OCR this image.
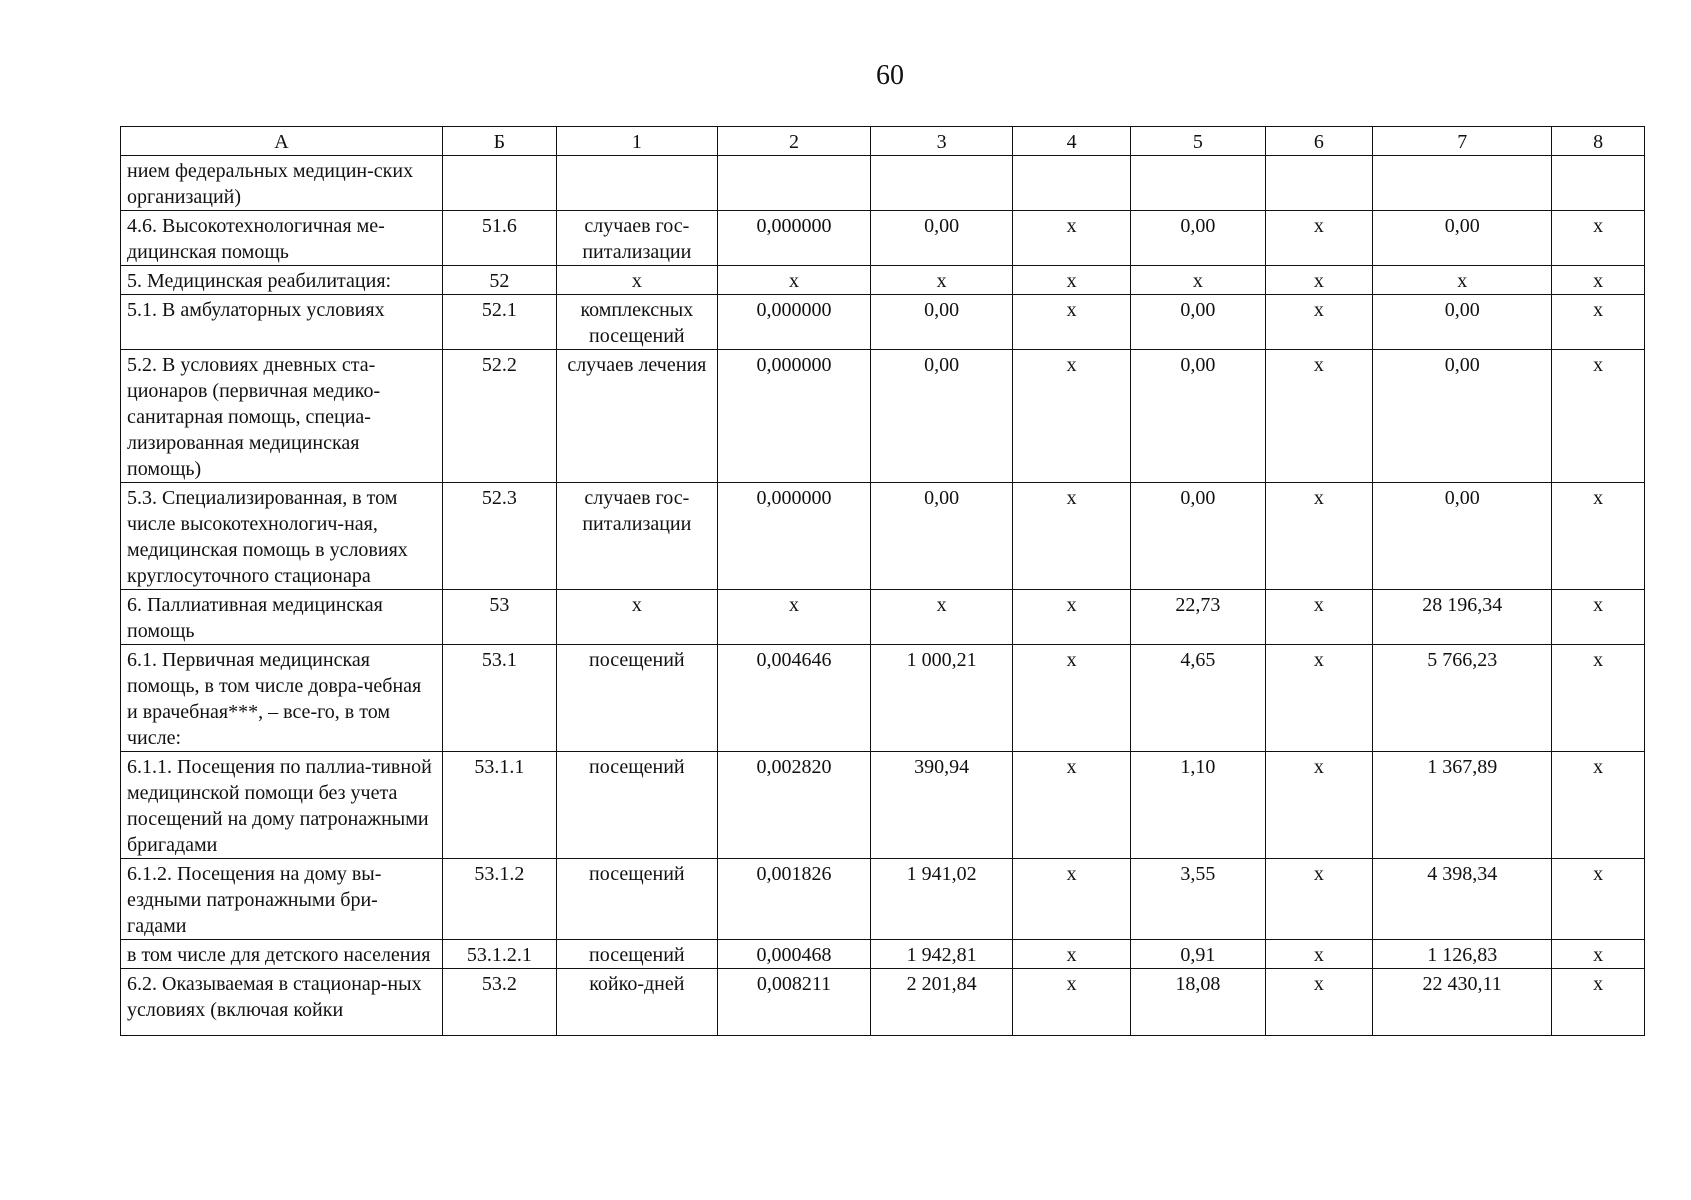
60
А	Б	1	2	3	4	5	6	7	8
нием федеральных медицин-ских организаций)									
4.6. Высокотехнологичная ме-дицинская помощь	51.6	случаев гос-питализации	0,000000	0,00	х	0,00	х	0,00	х
5. Медицинская реабилитация:	52	х	х	х	х	х	х	х	х
5.1. В амбулаторных условиях	52.1	комплексных посещений	0,000000	0,00	х	0,00	х	0,00	х
5.2. В условиях дневных ста-ционаров (первичная медико-санитарная помощь, специа-лизированная медицинская помощь)	52.2	случаев лечения	0,000000	0,00	х	0,00	х	0,00	х
5.3. Специализированная, в том числе высокотехнологич-ная, медицинская помощь в условиях круглосуточного стационара	52.3	случаев гос-питализации	0,000000	0,00	х	0,00	х	0,00	х
6. Паллиативная медицинская помощь	53	х	х	х	х	22,73	х	28 196,34	х
6.1. Первичная медицинская помощь, в том числе довра-чебная и врачебная***, – все-го, в том числе:	53.1	посещений	0,004646	1 000,21	х	4,65	х	5 766,23	х
6.1.1. Посещения по паллиа-тивной медицинской помощи без учета посещений на дому патронажными бригадами	53.1.1	посещений	0,002820	390,94	х	1,10	х	1 367,89	х
6.1.2. Посещения на дому вы-ездными патронажными бри-гадами	53.1.2	посещений	0,001826	1 941,02	х	3,55	х	4 398,34	х
в том числе для детского населения	53.1.2.1	посещений	0,000468	1 942,81	х	0,91	х	1 126,83	х
6.2. Оказываемая в стационар-ных условиях (включая койки	53.2	койко-дней	0,008211	2 201,84	х	18,08	х	22 430,11	х
